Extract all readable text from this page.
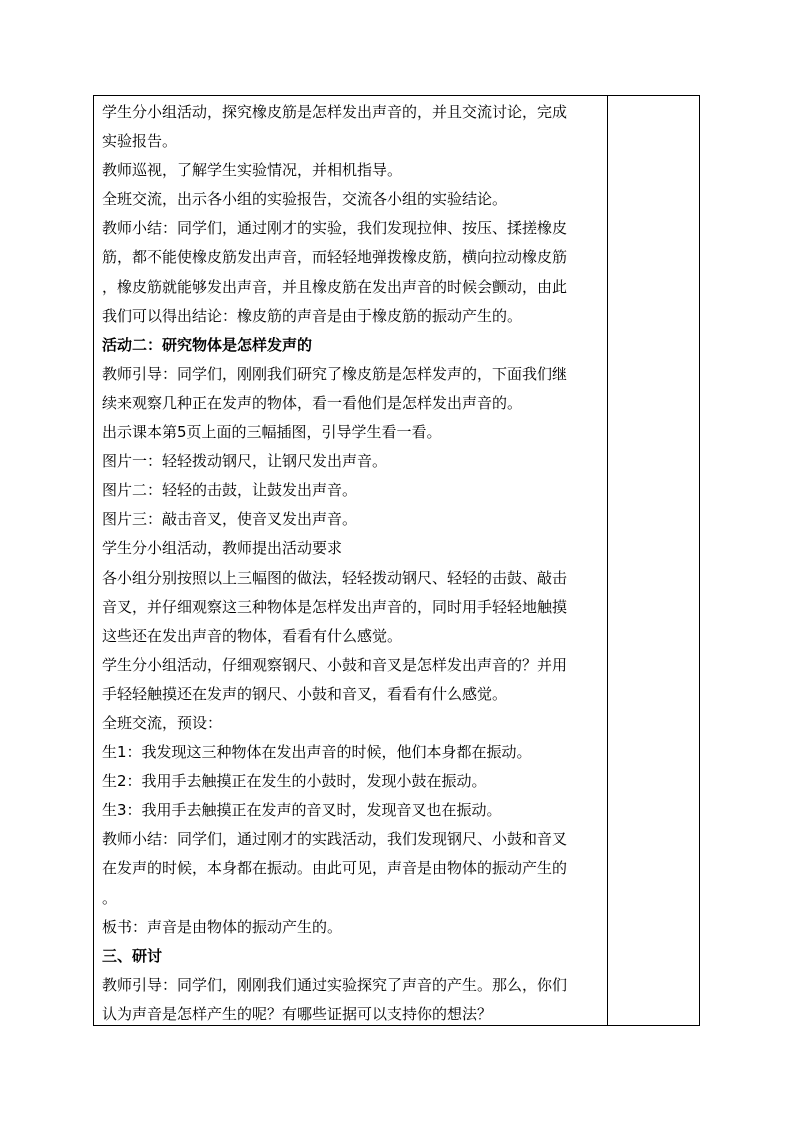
学生分小组活动，探究橡皮筋是怎样发出声音的，并且交流讨论，完成
实验报告。
教师巡视，了解学生实验情况，并相机指导。
全班交流，出示各小组的实验报告，交流各小组的实验结论。
教师小结：同学们，通过刚才的实验，我们发现拉伸、按压、揉搓橡皮
筋，都不能使橡皮筋发出声音，而轻轻地弹拨橡皮筋，横向拉动橡皮筋
，橡皮筋就能够发出声音，并且橡皮筋在发出声音的时候会颤动，由此
我们可以得出结论：橡皮筋的声音是由于橡皮筋的振动产生的。
活动二：研究物体是怎样发声的
教师引导：同学们，刚刚我们研究了橡皮筋是怎样发声的，下面我们继
续来观察几种正在发声的物体，看一看他们是怎样发出声音的。
出示课本第5页上面的三幅插图，引导学生看一看。
图片一：轻轻拨动钢尺，让钢尺发出声音。
图片二：轻轻的击鼓，让鼓发出声音。
图片三：敲击音叉，使音叉发出声音。
学生分小组活动，教师提出活动要求
各小组分别按照以上三幅图的做法，轻轻拨动钢尺、轻轻的击鼓、敲击
音叉，并仔细观察这三种物体是怎样发出声音的，同时用手轻轻地触摸
这些还在发出声音的物体，看看有什么感觉。
学生分小组活动，仔细观察钢尺、小鼓和音叉是怎样发出声音的？并用
手轻轻触摸还在发声的钢尺、小鼓和音叉，看看有什么感觉。
全班交流，预设：
生1：我发现这三种物体在发出声音的时候，他们本身都在振动。
生2：我用手去触摸正在发生的小鼓时，发现小鼓在振动。
生3：我用手去触摸正在发声的音叉时，发现音叉也在振动。
教师小结：同学们，通过刚才的实践活动，我们发现钢尺、小鼓和音叉
在发声的时候，本身都在振动。由此可见，声音是由物体的振动产生的
。
板书：声音是由物体的振动产生的。
三、研讨
教师引导：同学们，刚刚我们通过实验探究了声音的产生。那么，你们
认为声音是怎样产生的呢？有哪些证据可以支持你的想法？
